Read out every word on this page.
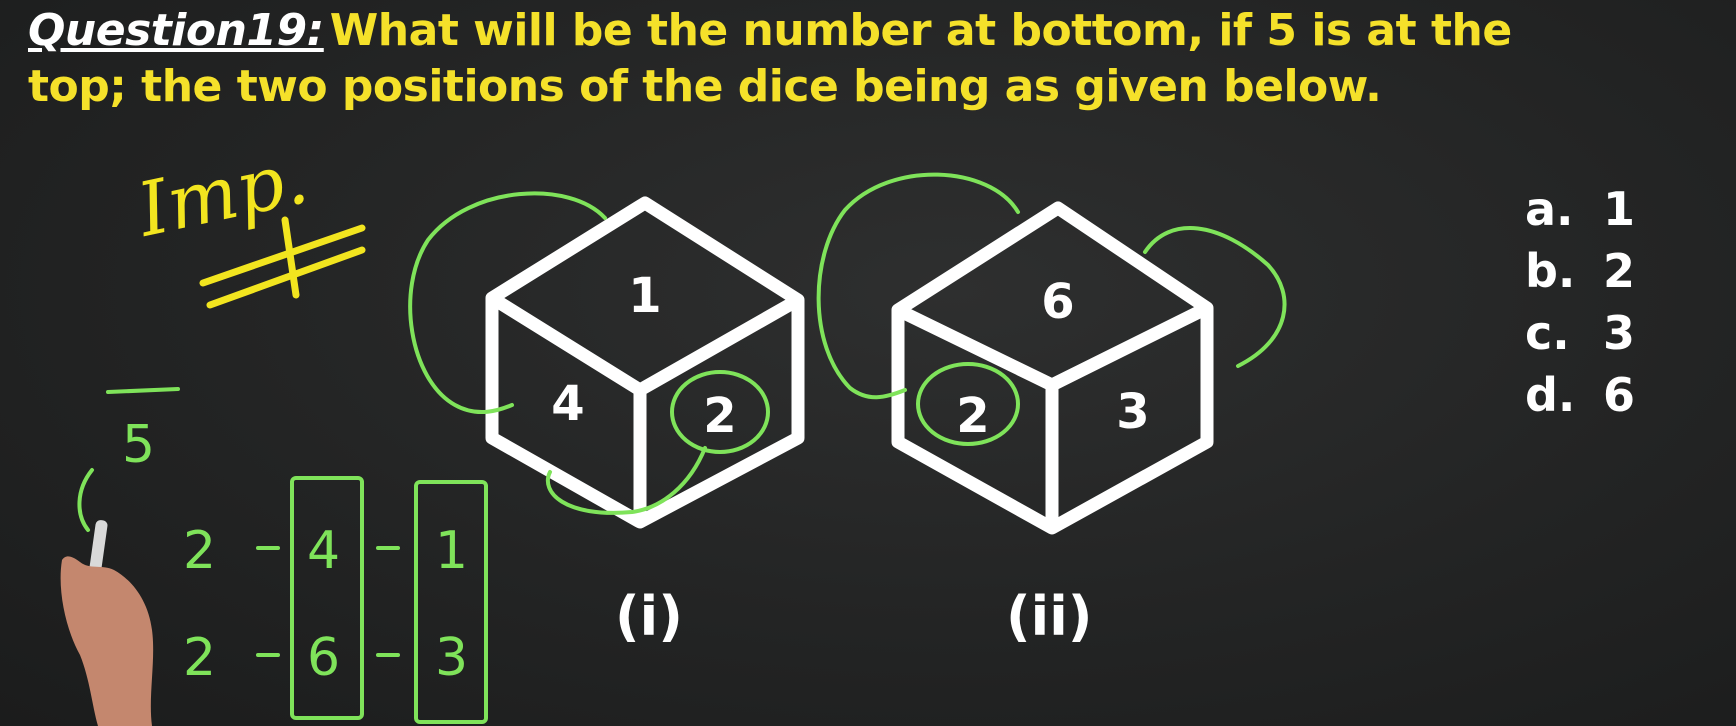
Question19: What will be the number at bottom, if 5 is at the

top; the two positions of the dice being as given below.

1
4 2
6
2	3
(i)	(ii)
a. 1
b. 2
c. 3
d. 6
Imp.
5
2 4 1
2 6 3
